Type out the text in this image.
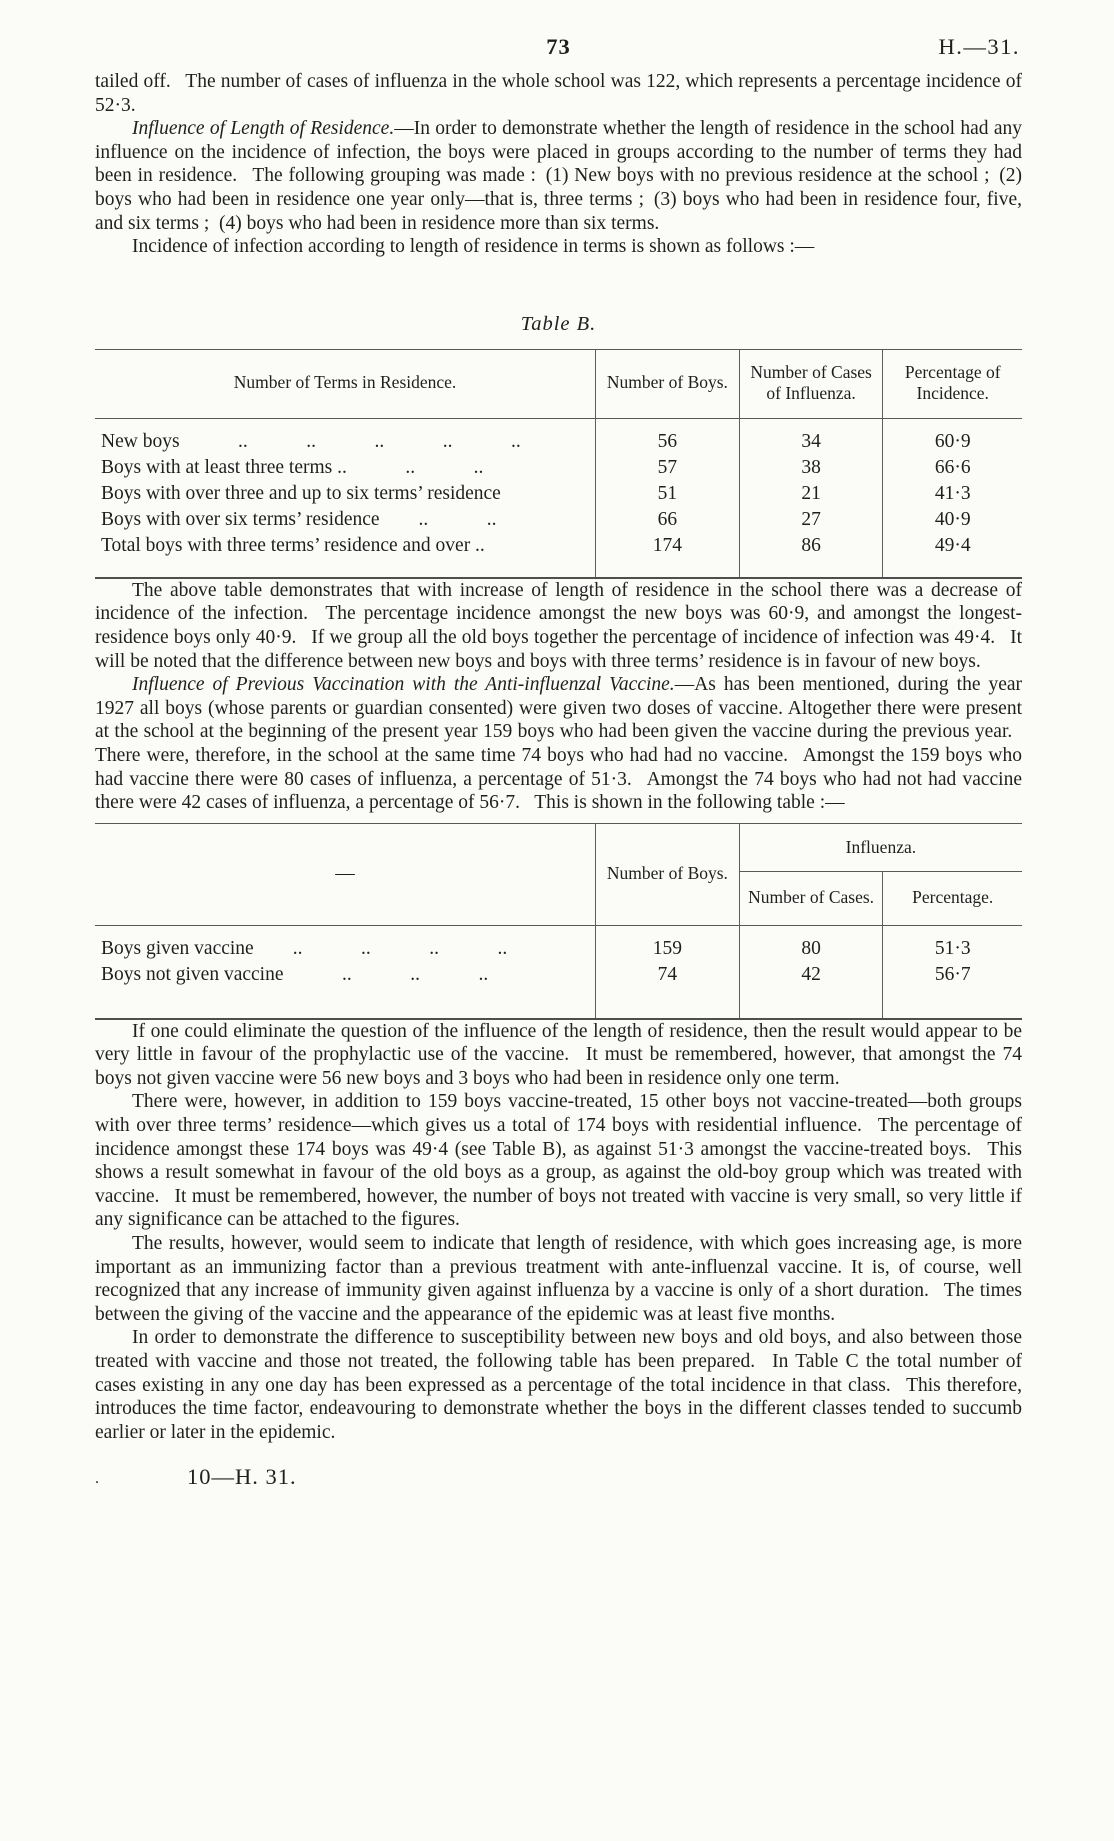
73	H.—31.

tailed off.  The number of cases of influenza in the whole school was 122, which represents a percentage incidence of 52·3.

Influence of Length of Residence.—In order to demonstrate whether the length of residence in the school had any influence on the incidence of infection, the boys were placed in groups according to the number of terms they had been in residence.  The following grouping was made : (1) New boys with no previous residence at the school ; (2) boys who had been in residence one year only—that is, three terms ; (3) boys who had been in residence four, five, and six terms ; (4) boys who had been in residence more than six terms.

Incidence of infection according to length of residence in terms is shown as follows :—

Table B.
Number of Terms in Residence.	Number of Boys.	Number of Cases of Influenza.	Percentage of Incidence.
New boys   ..   ..   ..   ..   ..	56	34	60·9
Boys with at least three terms ..   ..   ..	57	38	66·6
Boys with over three and up to six terms’ residence	51	21	41·3
Boys with over six terms’ residence  ..   ..	66	27	40·9
Total boys with three terms’ residence and over ..	174	86	49·4

The above table demonstrates that with increase of length of residence in the school there was a decrease of incidence of the infection.  The percentage incidence amongst the new boys was 60·9, and amongst the longest-residence boys only 40·9.  If we group all the old boys together the percentage of incidence of infection was 49·4.  It will be noted that the difference between new boys and boys with three terms’ residence is in favour of new boys.

Influence of Previous Vaccination with the Anti-influenzal Vaccine.—As has been mentioned, during the year 1927 all boys (whose parents or guardian consented) were given two doses of vaccine. Altogether there were present at the school at the beginning of the present year 159 boys who had been given the vaccine during the previous year.  There were, therefore, in the school at the same time 74 boys who had had no vaccine.  Amongst the 159 boys who had vaccine there were 80 cases of influenza, a percentage of 51·3.  Amongst the 74 boys who had not had vaccine there were 42 cases of influenza, a percentage of 56·7.  This is shown in the following table :—

—	Number of Boys.	Influenza.	
		Number of Cases.	Percentage.
Boys given vaccine  ..   ..   ..   ..	159	80	51·3
Boys not given vaccine   ..   ..   ..	74	42	56·7

If one could eliminate the question of the influence of the length of residence, then the result would appear to be very little in favour of the prophylactic use of the vaccine.  It must be remembered, however, that amongst the 74 boys not given vaccine were 56 new boys and 3 boys who had been in residence only one term.

There were, however, in addition to 159 boys vaccine-treated, 15 other boys not vaccine-treated—both groups with over three terms’ residence—which gives us a total of 174 boys with residential influence.  The percentage of incidence amongst these 174 boys was 49·4 (see Table B), as against 51·3 amongst the vaccine-treated boys.  This shows a result somewhat in favour of the old boys as a group, as against the old-boy group which was treated with vaccine.  It must be remembered, however, the number of boys not treated with vaccine is very small, so very little if any significance can be attached to the figures.

The results, however, would seem to indicate that length of residence, with which goes increasing age, is more important as an immunizing factor than a previous treatment with ante-influenzal vaccine. It is, of course, well recognized that any increase of immunity given against influenza by a vaccine is only of a short duration.  The times between the giving of the vaccine and the appearance of the epidemic was at least five months.

In order to demonstrate the difference to susceptibility between new boys and old boys, and also between those treated with vaccine and those not treated, the following table has been prepared.  In Table C the total number of cases existing in any one day has been expressed as a percentage of the total incidence in that class.  This therefore, introduces the time factor, endeavouring to demonstrate whether the boys in the different classes tended to succumb earlier or later in the epidemic.

.	10—H. 31.
